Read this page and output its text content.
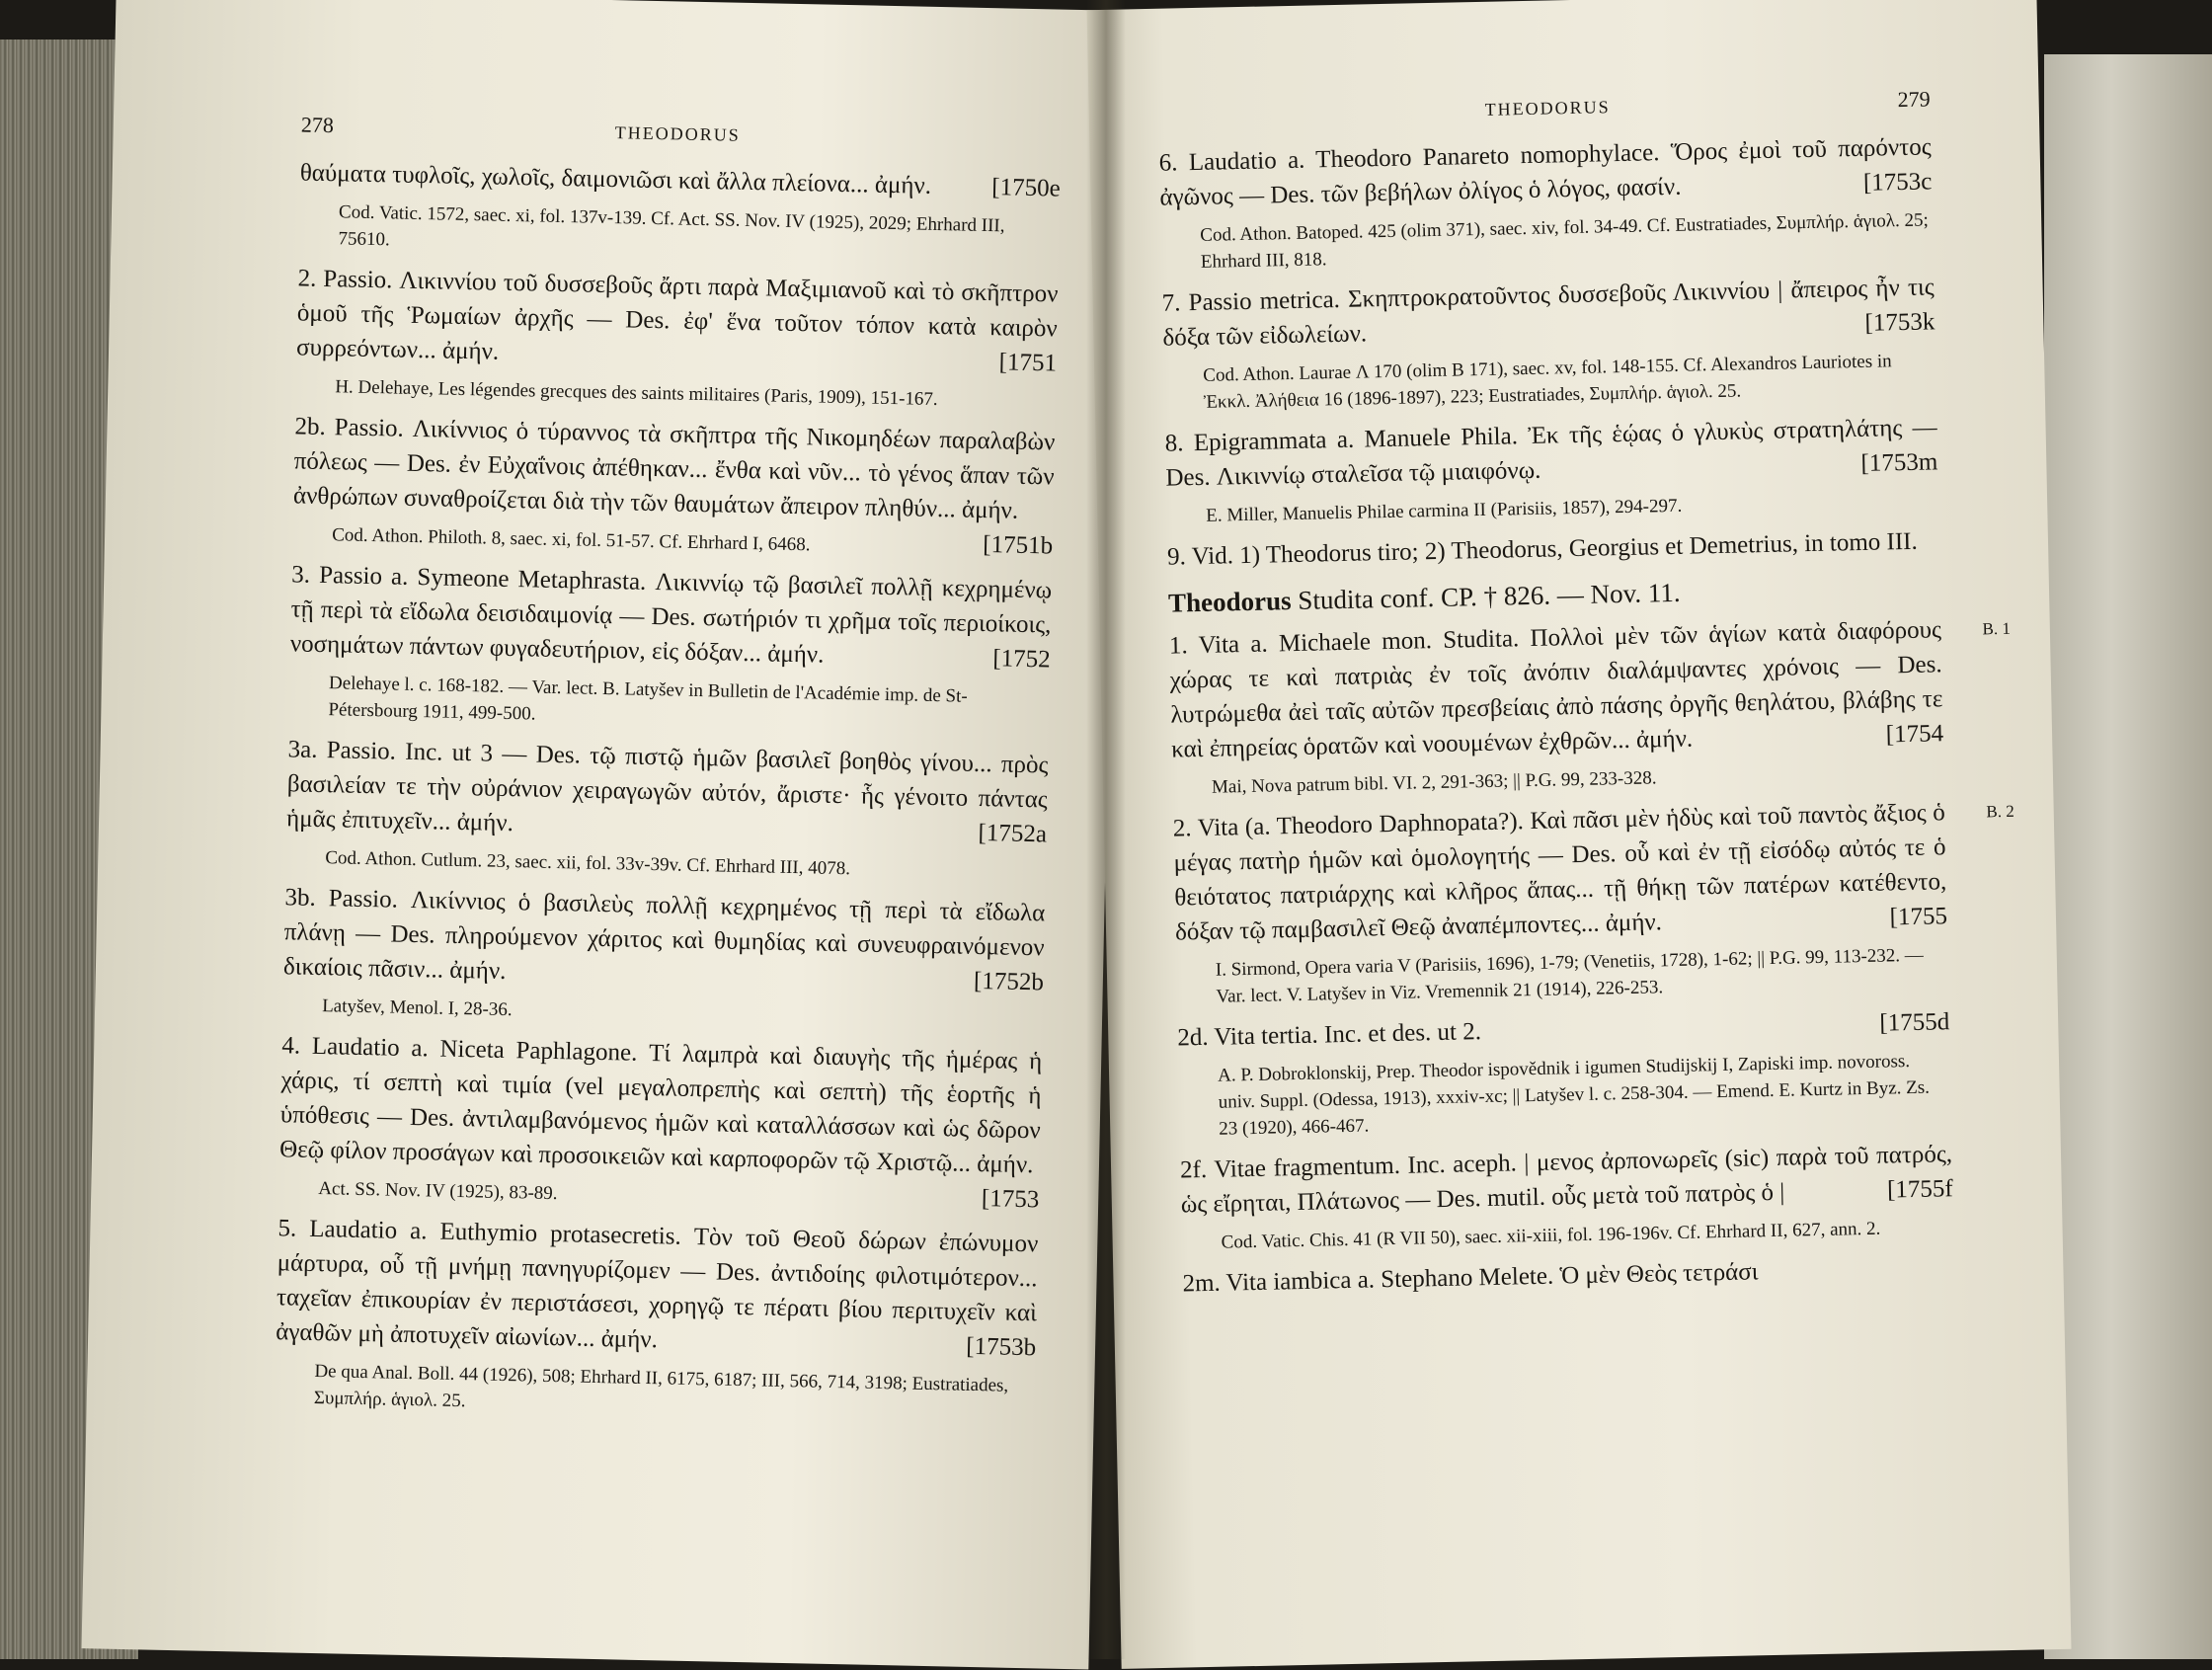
278	THEODORUS
θαύματα τυφλοῖς, χωλοῖς, δαιμονιῶσι καὶ ἄλλα πλείονα... ἀμήν. [1750e
Cod. Vatic. 1572, saec. xi, fol. 137v-139. Cf. Act. SS. Nov. IV (1925), 2029; Ehrhard III, 75610.
2. Passio. Λικιννίου τοῦ δυσσεβοῦς ἄρτι παρὰ Μαξιμιανοῦ καὶ τὸ σκῆπτρον ὁμοῦ τῆς Ῥωμαίων ἀρχῆς — Des. ἐφ' ἕνα τοῦτον τόπον κατὰ καιρὸν συρρεόντων... ἀμήν.	[1751
H. Delehaye, Les légendes grecques des saints militaires (Paris, 1909), 151-167.
2b. Passio. Λικίννιος ὁ τύραννος τὰ σκῆπτρα τῆς Νικομηδέων παραλαβὼν πόλεως — Des. ἐν Εὐχαΐνοις ἀπέθηκαν... ἔνθα καὶ νῦν... τὸ γένος ἅπαν τῶν ἀνθρώπων συναθροίζεται διὰ τὴν τῶν θαυμάτων ἄπειρον πληθύν... ἀμήν.
[1751b
Cod. Athon. Philoth. 8, saec. xi, fol. 51-57. Cf. Ehrhard I, 6468.
3. Passio a. Symeone Metaphrasta. Λικιννίῳ τῷ βασιλεῖ πολλῇ κεχρημένῳ τῇ περὶ τὰ εἴδωλα δεισιδαιμονίᾳ — Des. σωτήριόν τι χρῆμα τοῖς περιοίκοις, νοσημάτων πάντων φυγαδευτήριον, εἰς δόξαν... ἀμήν.	[1752
Delehaye l. c. 168-182. — Var. lect. B. Latyšev in Bulletin de l'Académie imp. de St-Pétersbourg 1911, 499-500.
3a. Passio. Inc. ut 3 — Des. τῷ πιστῷ ἡμῶν βασιλεῖ βοηθὸς γίνου... πρὸς βασιλείαν τε τὴν οὐράνιον χειραγωγῶν αὐτόν, ἄριστε· ἧς γένοιτο πάντας ἡμᾶς ἐπιτυχεῖν... ἀμήν.	[1752a
Cod. Athon. Cutlum. 23, saec. xii, fol. 33v-39v. Cf. Ehrhard III, 4078.
3b. Passio. Λικίννιος ὁ βασιλεὺς πολλῇ κεχρημένος τῇ περὶ τὰ εἴδωλα πλάνῃ — Des. πληρούμενον χάριτος καὶ θυμηδίας καὶ συνευφραινόμενον δικαίοις πᾶσιν... ἀμήν.	[1752b
Latyšev, Menol. I, 28-36.
4. Laudatio a. Niceta Paphlagone. Τί λαμπρὰ καὶ διαυγὴς τῆς ἡμέρας ἡ χάρις, τί σεπτὴ καὶ τιμία (vel μεγαλοπρεπὴς καὶ σεπτὴ) τῆς ἑορτῆς ἡ ὑπόθεσις — Des. ἀντιλαμβανόμενος ἡμῶν καὶ καταλλάσσων καὶ ὡς δῶρον Θεῷ φίλον προσάγων καὶ προσοικειῶν καὶ καρποφορῶν τῷ Χριστῷ... ἀμήν.
[1753
Act. SS. Nov. IV (1925), 83-89.
5. Laudatio a. Euthymio protasecretis. Τὸν τοῦ Θεοῦ δώρων ἐπώνυμον μάρτυρα, οὗ τῇ μνήμῃ πανηγυρίζομεν — Des. ἀντιδοίης φιλοτιμότερον... ταχεῖαν ἐπικουρίαν ἐν περιστάσεσι, χορηγῷ τε πέρατι βίου περιτυχεῖν καὶ ἀγαθῶν μὴ ἀποτυχεῖν αἰωνίων... ἀμήν.	[1753b
De qua Anal. Boll. 44 (1926), 508; Ehrhard II, 6175, 6187; III, 566, 714, 3198; Eustratiades, Συμπλήρ. ἁγιολ. 25.
THEODORUS	279
6. Laudatio a. Theodoro Panareto nomophylace. Ὅρος ἐμοὶ τοῦ παρόντος ἀγῶνος — Des. τῶν βεβήλων ὀλίγος ὁ λόγος, φασίν.	[1753c
Cod. Athon. Batoped. 425 (olim 371), saec. xiv, fol. 34-49. Cf. Eustratiades, Συμπλήρ. ἁγιολ. 25; Ehrhard III, 818.
7. Passio metrica. Σκηπτροκρατοῦντος δυσσεβοῦς Λικιννίου | ἄπειρος ἦν τις δόξα τῶν εἰδωλείων.	[1753k
Cod. Athon. Laurae Λ 170 (olim B 171), saec. xv, fol. 148-155. Cf. Alexandros Lauriotes in Ἐκκλ. Ἀλήθεια 16 (1896-1897), 223; Eustratiades, Συμπλήρ. ἁγιολ. 25.
8. Epigrammata a. Manuele Phila. Ἐκ τῆς ἑῴας ὁ γλυκὺς στρατηλάτης — Des. Λικιννίῳ σταλεῖσα τῷ μιαιφόνῳ.	[1753m
E. Miller, Manuelis Philae carmina II (Parisiis, 1857), 294-297.
9. Vid. 1) Theodorus tiro; 2) Theodorus, Georgius et Demetrius, in tomo III.
Theodorus Studita conf. CP. † 826. — Nov. 11.
B. 1
1. Vita a. Michaele mon. Studita. Πολλοὶ μὲν τῶν ἁγίων κατὰ διαφόρους χώρας τε καὶ πατριὰς ἐν τοῖς ἀνόπιν διαλάμψαντες χρόνοις — Des. λυτρώμεθα ἀεὶ ταῖς αὐτῶν πρεσβείαις ἀπὸ πάσης ὀργῆς θεηλάτου, βλάβης τε καὶ ἐπηρείας ὁρατῶν καὶ νοουμένων ἐχθρῶν... ἀμήν.	[1754
Mai, Nova patrum bibl. VI. 2, 291-363; || P.G. 99, 233-328.
B. 2
2. Vita (a. Theodoro Daphnopata?). Καὶ πᾶσι μὲν ἡδὺς καὶ τοῦ παντὸς ἄξιος ὁ μέγας πατὴρ ἡμῶν καὶ ὁμολογητής — Des. οὗ καὶ ἐν τῇ εἰσόδῳ αὐτός τε ὁ θειότατος πατριάρχης καὶ κλῆρος ἅπας... τῇ θήκῃ τῶν πατέρων κατέθεντο, δόξαν τῷ παμβασιλεῖ Θεῷ ἀναπέμποντες... ἀμήν.	[1755
I. Sirmond, Opera varia V (Parisiis, 1696), 1-79; (Venetiis, 1728), 1-62; || P.G. 99, 113-232. — Var. lect. V. Latyšev in Viz. Vremennik 21 (1914), 226-253.
2d. Vita tertia. Inc. et des. ut 2.	[1755d
A. P. Dobroklonskij, Prep. Theodor ispovědnik i igumen Studijskij I, Zapiski imp. novoross. univ. Suppl. (Odessa, 1913), xxxiv-xc; || Latyšev l. c. 258-304. — Emend. E. Kurtz in Byz. Zs. 23 (1920), 466-467.
2f. Vitae fragmentum. Inc. aceph. | μενος ἀρπονωρεῖς (sic) παρὰ τοῦ πατρός, ὡς εἴρηται, Πλάτωνος — Des. mutil. οὗς μετὰ τοῦ πατρὸς ὁ |	[1755f
Cod. Vatic. Chis. 41 (R VII 50), saec. xii-xiii, fol. 196-196v. Cf. Ehrhard II, 627, ann. 2.
2m. Vita iambica a. Stephano Melete. Ὁ μὲν Θεὸς τετράσι
